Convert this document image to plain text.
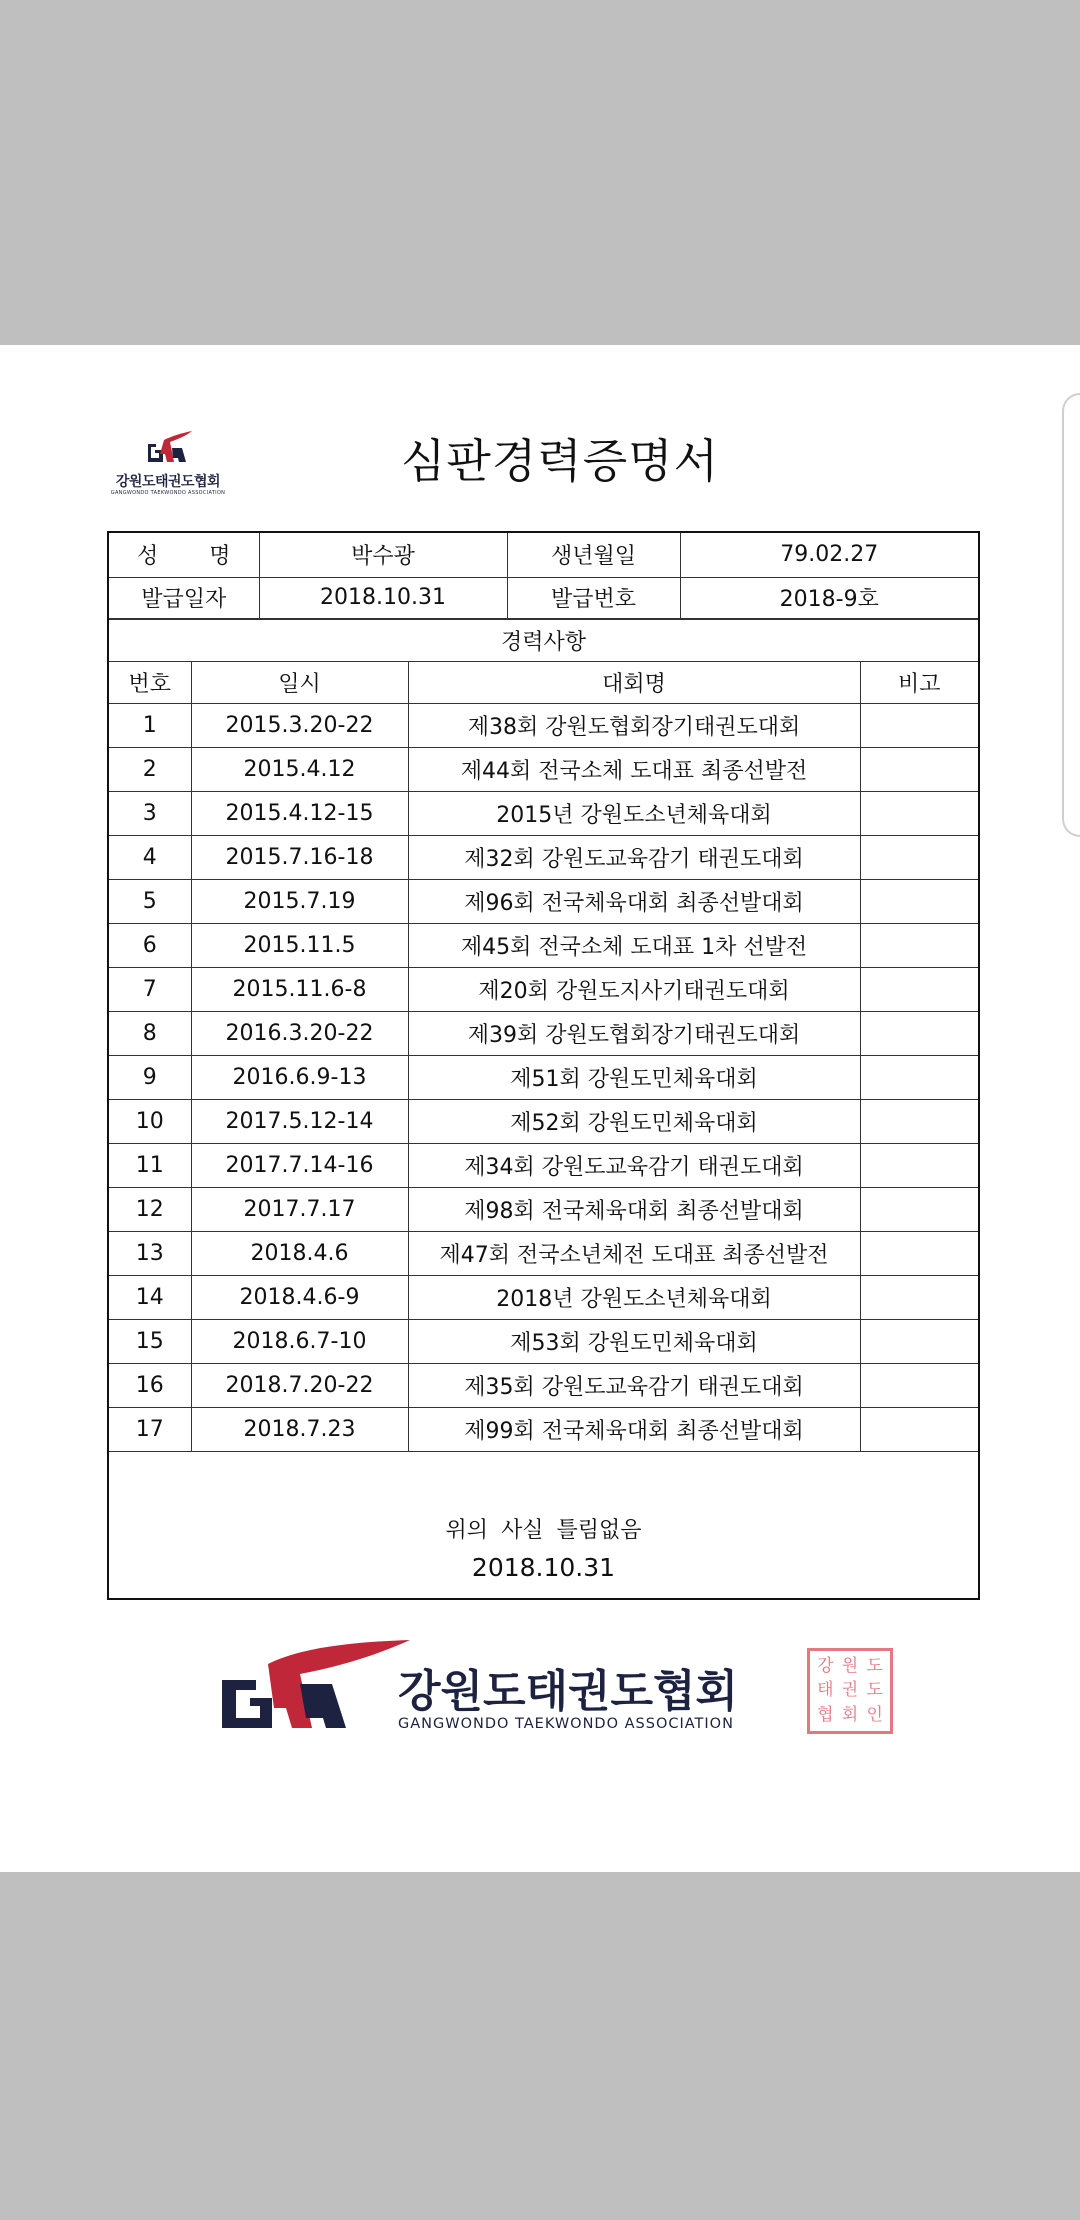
강원도태권도협회
GANGWONDO TAEKWONDO ASSOCIATION
심판경력증명서
성 명	박수광	생년월일	79.02.27
발급일자	2018.10.31	발급번호	2018-9호
경력사항			
번호	일시	대회명	비고
1	2015.3.20-22	제38회 강원도협회장기태권도대회	
2	2015.4.12	제44회 전국소체 도대표 최종선발전	
3	2015.4.12-15	2015년 강원도소년체육대회	
4	2015.7.16-18	제32회 강원도교육감기 태권도대회	
5	2015.7.19	제96회 전국체육대회 최종선발대회	
6	2015.11.5	제45회 전국소체 도대표 1차 선발전	
7	2015.11.6-8	제20회 강원도지사기태권도대회	
8	2016.3.20-22	제39회 강원도협회장기태권도대회	
9	2016.6.9-13	제51회 강원도민체육대회	
10	2017.5.12-14	제52회 강원도민체육대회	
11	2017.7.14-16	제34회 강원도교육감기 태권도대회	
12	2017.7.17	제98회 전국체육대회 최종선발대회	
13	2018.4.6	제47회 전국소년체전 도대표 최종선발전	
14	2018.4.6-9	2018년 강원도소년체육대회	
15	2018.6.7-10	제53회 강원도민체육대회	
16	2018.7.20-22	제35회 강원도교육감기 태권도대회	
17	2018.7.23	제99회 전국체육대회 최종선발대회	
위의 사실 틀림없음
2018.10.31
강원도태권도협회
GANGWONDO TAEKWONDO ASSOCIATION
강 원 도
태 권 도
협 회 인
